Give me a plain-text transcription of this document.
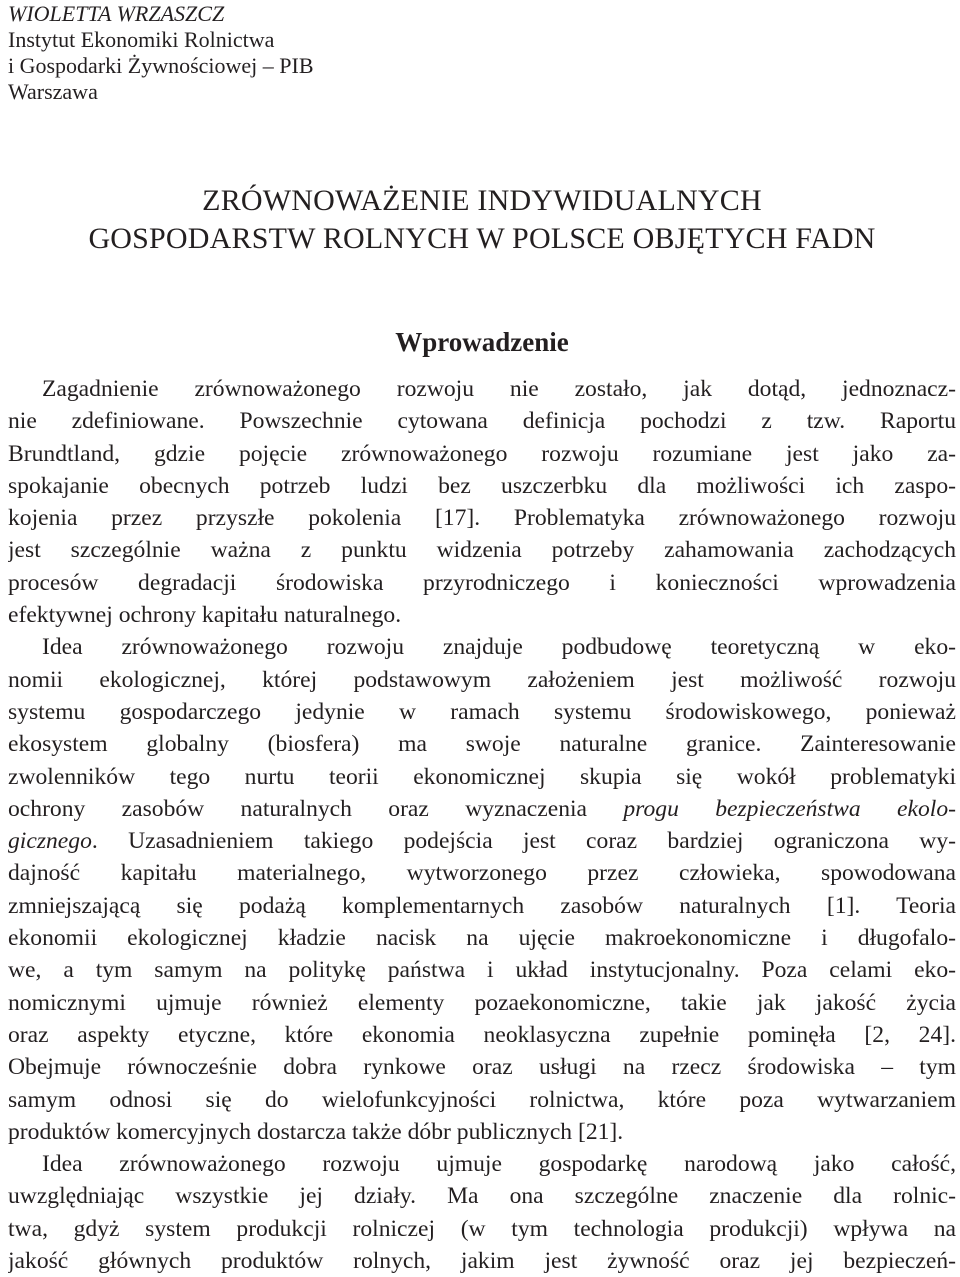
WIOLETTA WRZASZCZ
Instytut Ekonomiki Rolnictwa
i Gospodarki Żywnościowej – PIB
Warszawa
ZRÓWNOWAŻENIE INDYWIDUALNYCH
GOSPODARSTW ROLNYCH W POLSCE OBJĘTYCH FADN
Wprowadzenie

Zagadnienie zrównoważonego rozwoju nie zostało, jak dotąd, jednoznacz-
nie zdefiniowane. Powszechnie cytowana definicja pochodzi z tzw. Raportu
Brundtland, gdzie pojęcie zrównoważonego rozwoju rozumiane jest jako za-
spokajanie obecnych potrzeb ludzi bez uszczerbku dla możliwości ich zaspo-
kojenia przez przyszłe pokolenia [17]. Problematyka zrównoważonego rozwoju
jest szczególnie ważna z punktu widzenia potrzeby zahamowania zachodzących
procesów degradacji środowiska przyrodniczego i konieczności wprowadzenia
efektywnej ochrony kapitału naturalnego.

Idea zrównoważonego rozwoju znajduje podbudowę teoretyczną w eko-
nomii ekologicznej, której podstawowym założeniem jest możliwość rozwoju
systemu gospodarczego jedynie w ramach systemu środowiskowego, ponieważ
ekosystem globalny (biosfera) ma swoje naturalne granice. Zainteresowanie
zwolenników tego nurtu teorii ekonomicznej skupia się wokół problematyki
ochrony zasobów naturalnych oraz wyznaczenia progu bezpieczeństwa ekolo-
gicznego. Uzasadnieniem takiego podejścia jest coraz bardziej ograniczona wy-
dajność kapitału materialnego, wytworzonego przez człowieka, spowodowana
zmniejszającą się podażą komplementarnych zasobów naturalnych [1]. Teoria
ekonomii ekologicznej kładzie nacisk na ujęcie makroekonomiczne i długofalo-
we, a tym samym na politykę państwa i układ instytucjonalny. Poza celami eko-
nomicznymi ujmuje również elementy pozaekonomiczne, takie jak jakość życia
oraz aspekty etyczne, które ekonomia neoklasyczna zupełnie pominęła [2, 24].
Obejmuje równocześnie dobra rynkowe oraz usługi na rzecz środowiska – tym
samym odnosi się do wielofunkcyjności rolnictwa, które poza wytwarzaniem
produktów komercyjnych dostarcza także dóbr publicznych [21].

Idea zrównoważonego rozwoju ujmuje gospodarkę narodową jako całość,
uwzględniając wszystkie jej działy. Ma ona szczególne znaczenie dla rolnic-
twa, gdyż system produkcji rolniczej (w tym technologia produkcji) wpływa na
jakość głównych produktów rolnych, jakim jest żywność oraz jej bezpieczeń-
